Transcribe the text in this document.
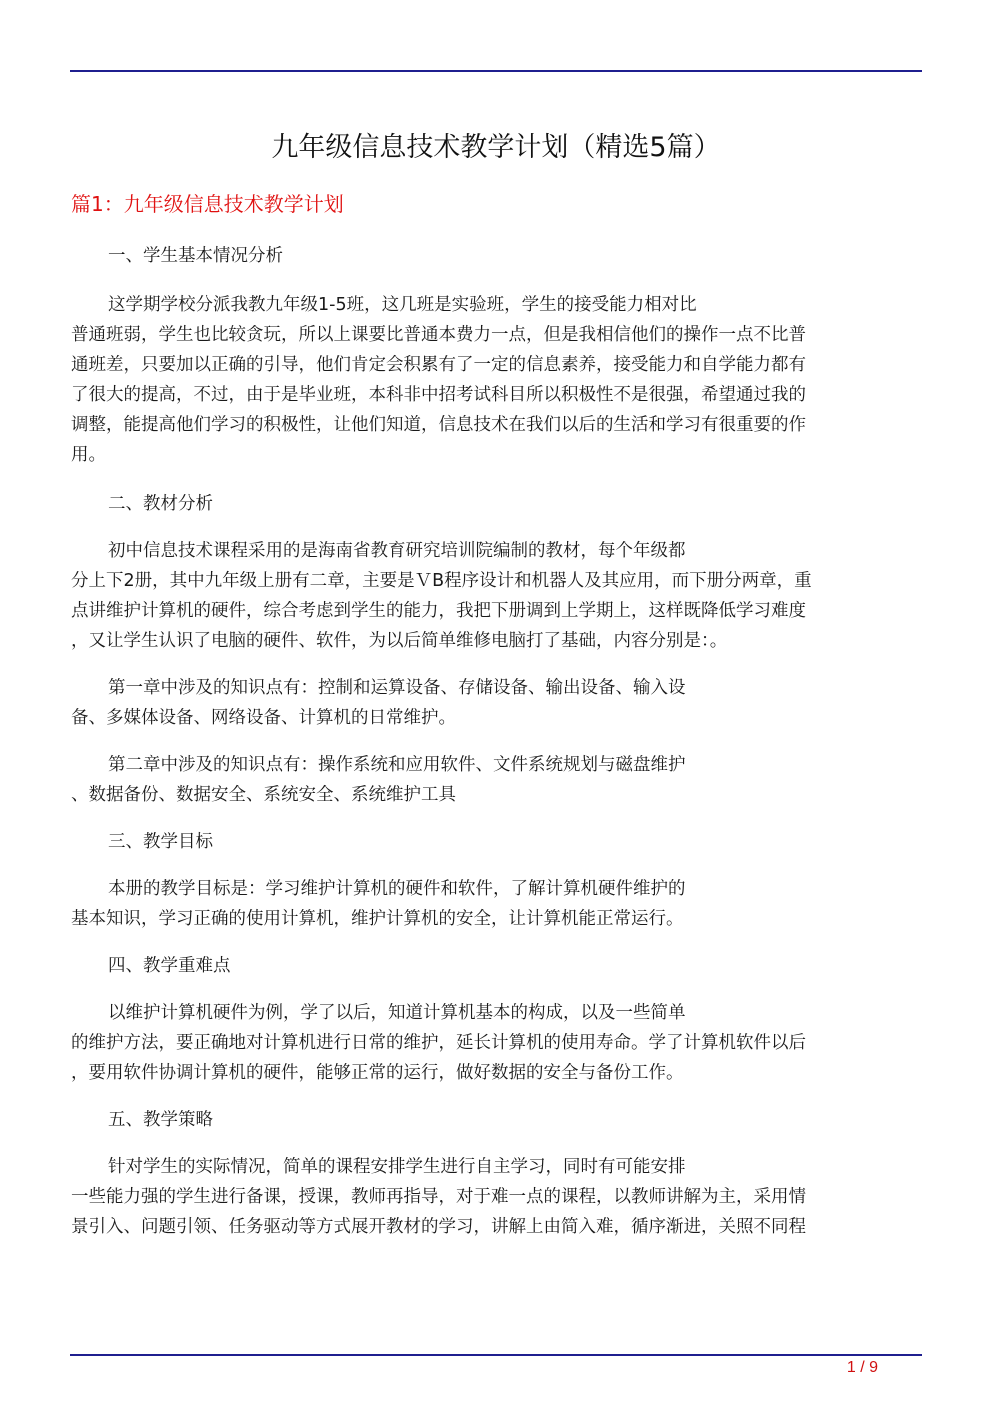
九年级信息技术教学计划（精选5篇）
篇1：九年级信息技术教学计划
一、学生基本情况分析
这学期学校分派我教九年级1-5班，这几班是实验班，学生的接受能力相对比
普通班弱，学生也比较贪玩，所以上课要比普通本费力一点，但是我相信他们的操作一点不比普
通班差，只要加以正确的引导，他们肯定会积累有了一定的信息素养，接受能力和自学能力都有
了很大的提高，不过，由于是毕业班，本科非中招考试科目所以积极性不是很强，希望通过我的
调整，能提高他们学习的积极性，让他们知道，信息技术在我们以后的生活和学习有很重要的作
用。
二、教材分析
初中信息技术课程采用的是海南省教育研究培训院编制的教材，每个年级都
分上下2册，其中九年级上册有二章，主要是ＶB程序设计和机器人及其应用，而下册分两章，重
点讲维护计算机的硬件，综合考虑到学生的能力，我把下册调到上学期上，这样既降低学习难度
，又让学生认识了电脑的硬件、软件，为以后简单维修电脑打了基础，内容分别是：。
第一章中涉及的知识点有：控制和运算设备、存储设备、输出设备、输入设
备、多媒体设备、网络设备、计算机的日常维护。
第二章中涉及的知识点有：操作系统和应用软件、文件系统规划与磁盘维护
、数据备份、数据安全、系统安全、系统维护工具
三、教学目标
本册的教学目标是：学习维护计算机的硬件和软件，了解计算机硬件维护的
基本知识，学习正确的使用计算机，维护计算机的安全，让计算机能正常运行。
四、教学重难点
以维护计算机硬件为例，学了以后，知道计算机基本的构成，以及一些简单
的维护方法，要正确地对计算机进行日常的维护，延长计算机的使用寿命。学了计算机软件以后
，要用软件协调计算机的硬件，能够正常的运行，做好数据的安全与备份工作。
五、教学策略
针对学生的实际情况，简单的课程安排学生进行自主学习，同时有可能安排
一些能力强的学生进行备课，授课，教师再指导，对于难一点的课程，以教师讲解为主，采用情
景引入、问题引领、任务驱动等方式展开教材的学习，讲解上由简入难，循序渐进，关照不同程
1 / 9
